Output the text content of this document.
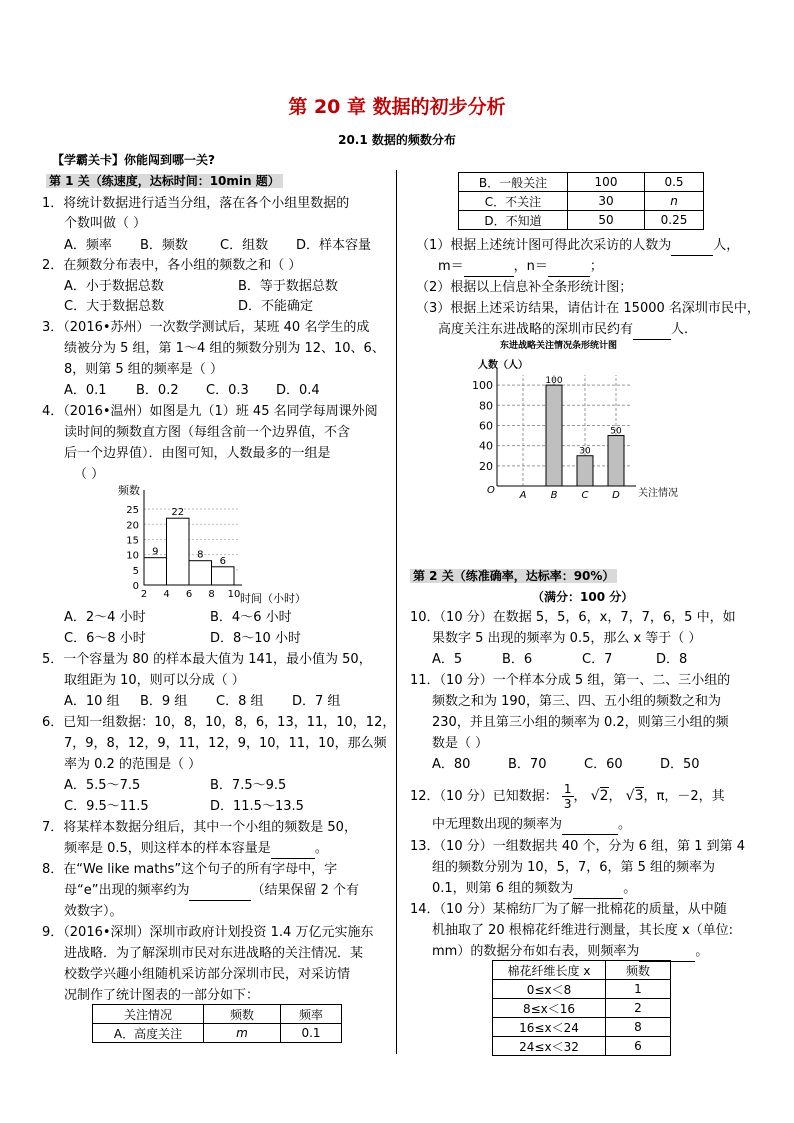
第 20 章 数据的初步分析
20.1 数据的频数分布
【学霸关卡】你能闯到哪一关?
第 1 关（练速度，达标时间：10min 题）
1．将统计数据进行适当分组，落在各个小组里数据的
个数叫做（ ）
A．频率 B．频数 C．组数 D．样本容量
2．在频数分布表中，各小组的频数之和（ ）
A．小于数据总数	B．等于数据总数
C．大于数据总数	D．不能确定
3．（2016•苏州）一次数学测试后，某班 40 名学生的成
绩被分为 5 组，第 1～4 组的频数分别为 12、10、6、
8，则第 5 组的频率是（ ）
A．0.1 B．0.2 C．0.3 D．0.4
4．（2016•温州）如图是九（1）班 45 名同学每周课外阅
读时间的频数直方图（每组含前一个边界值，不含
后一个边界值）．由图可知，人数最多的一组是
（ ）
频数
时间（小时）
9
22
8
6
0
5
10
15
20
25
2 4 6 8 10
A．2～4 小时	B．4～6 小时
C．6～8 小时	D．8～10 小时
5．一个容量为 80 的样本最大值为 141，最小值为 50，
取组距为 10，则可以分成（ ）
A．10 组 B．9 组 C．8 组 D．7 组
6．已知一组数据：10，8，10，8，6，13，11，10，12，
7，9，8，12，9，11，12，9，10，11，10，那么频
率为 0.2 的范围是（ ）
A．5.5～7.5	B．7.5～9.5
C．9.5～11.5	D．11.5～13.5
7．将某样本数据分组后，其中一个小组的频数是 50，
频率是 0.5，则这样本的样本容量是	。
8．在“We like maths”这个句子的所有字母中，字
母“e”出现的频率约为	（结果保留 2 个有
效数字）。
9．（2016•深圳）深圳市政府计划投资 1.4 万亿元实施东
进战略．为了解深圳市民对东进战略的关注情况．某
校数学兴趣小组随机采访部分深圳市民，对采访情
况制作了统计图表的一部分如下：
关注情况	频数	频率
A．高度关注	m	0.1
B．一般关注	100	0.5
C．不关注	30	n
D．不知道	50	0.25
（1）根据上述统计图可得此次采访的人数为	人，
m＝	，n＝	；
（2）根据以上信息补全条形统计图；
（3）根据上述采访结果，请估计在 15000 名深圳市民中，
高度关注东进战略的深圳市民约有	人．
东进战略关注情况条形统计图
人数（人）
关注情况
O
100
30
50
20
40
60
80
100
A B C D
第 2 关（练准确率，达标率：90%）
（满分：100 分）
10．（10 分）在数据 5，5，6，x，7，7，6，5 中，如
果数字 5 出现的频率为 0.5，那么 x 等于（ ）
A．5	B．6	C．7	D．8
11．（10 分）一个样本分成 5 组，第一、二、三小组的
频数之和为 190，第三、四、五小组的频数之和为
230，并且第三小组的频率为 0.2，则第三小组的频
数是（ ）
A．80	B．70	C．60	D．50
12．（10 分）已知数据： $\frac{1}{3}$ ， √2， √3，π，－2，其
中无理数出现的频率为	。
13．（10 分）一组数据共 40 个，分为 6 组，第 1 到第 4
组的频数分别为 10，5，7，6，第 5 组的频率为
0.1，则第 6 组的频数为	。
14．（10 分）某棉纺厂为了解一批棉花的质量，从中随
机抽取了 20 根棉花纤维进行测量，其长度 x（单位:
mm）的数据分布如右表，则频率为	。
棉花纤维长度 x	频数
0≤x＜8	1
8≤x＜16	2
16≤x＜24	8
24≤x＜32	6
